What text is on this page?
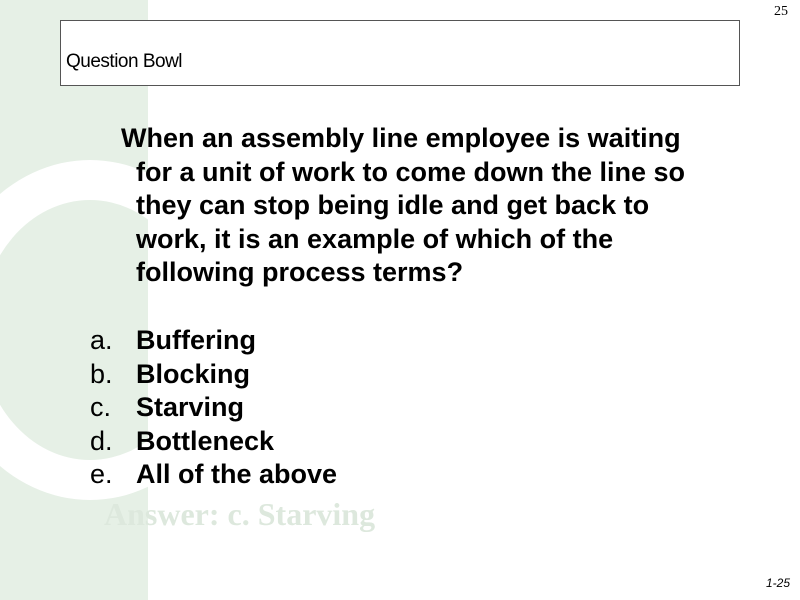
25
Question Bowl
When an assembly line employee is waiting for a unit of work to come down the line so they can stop being idle and get back to work, it is an example of which of the following process terms?
a. Buffering
b. Blocking
c. Starving
d. Bottleneck
e. All of the above
Answer: c. Starving
1-25
